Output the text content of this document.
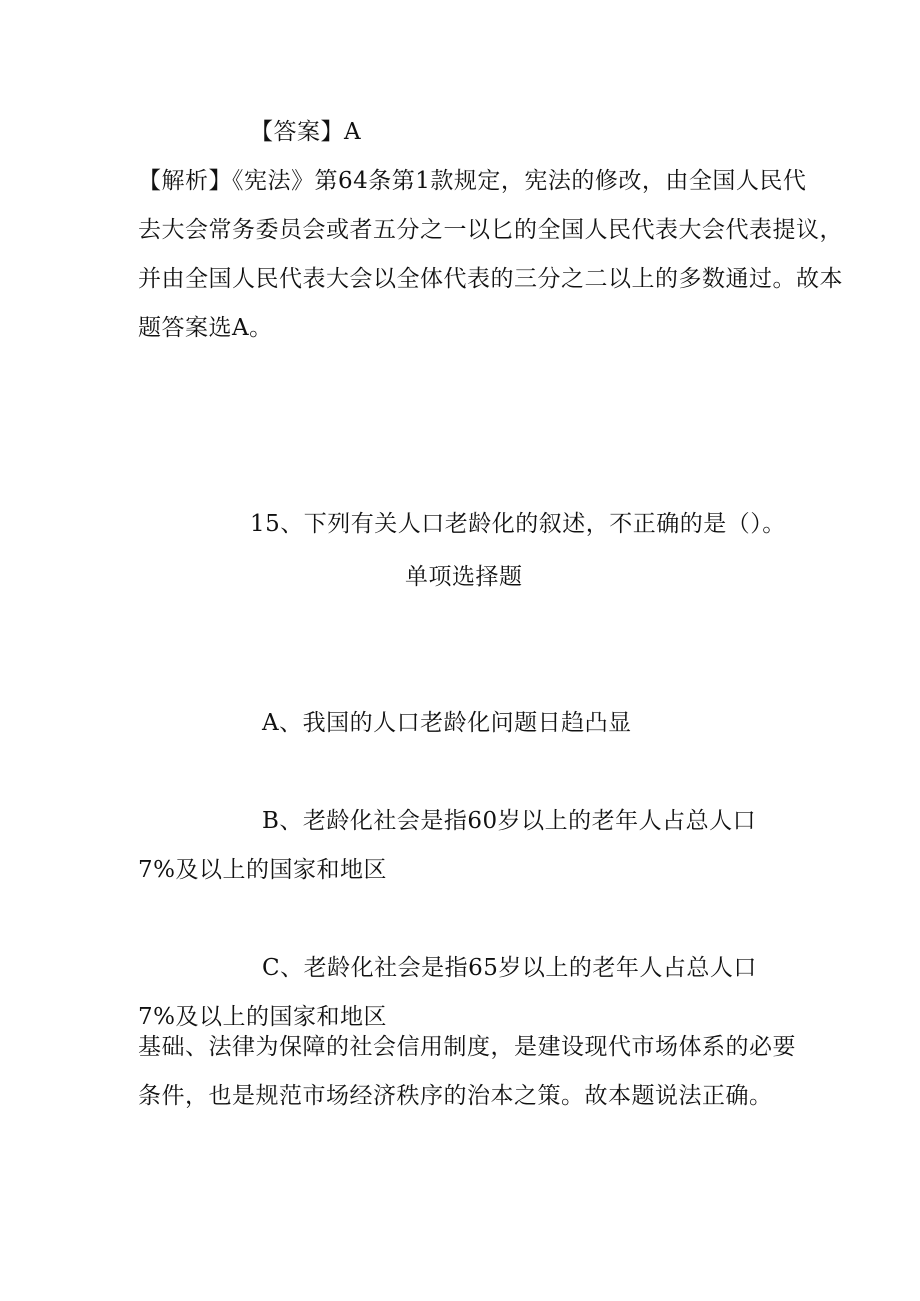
【答案】A
【解析】《宪法》第64条第1款规定，宪法的修改，由全国人民代
去大会常务委员会或者五分之一以匕的全国人民代表大会代表提议，
并由全国人民代表大会以全体代表的三分之二以上的多数通过。故本
题答案选A。
15、下列有关人口老龄化的叙述，不正确的是（）。
单项选择题
A、我国的人口老龄化问题日趋凸显
B、老龄化社会是指60岁以上的老年人占总人口
7%及以上的国家和地区
C、老龄化社会是指65岁以上的老年人占总人口
7%及以上的国家和地区
基础、法律为保障的社会信用制度，是建设现代市场体系的必要
条件，也是规范市场经济秩序的治本之策。故本题说法正确。
